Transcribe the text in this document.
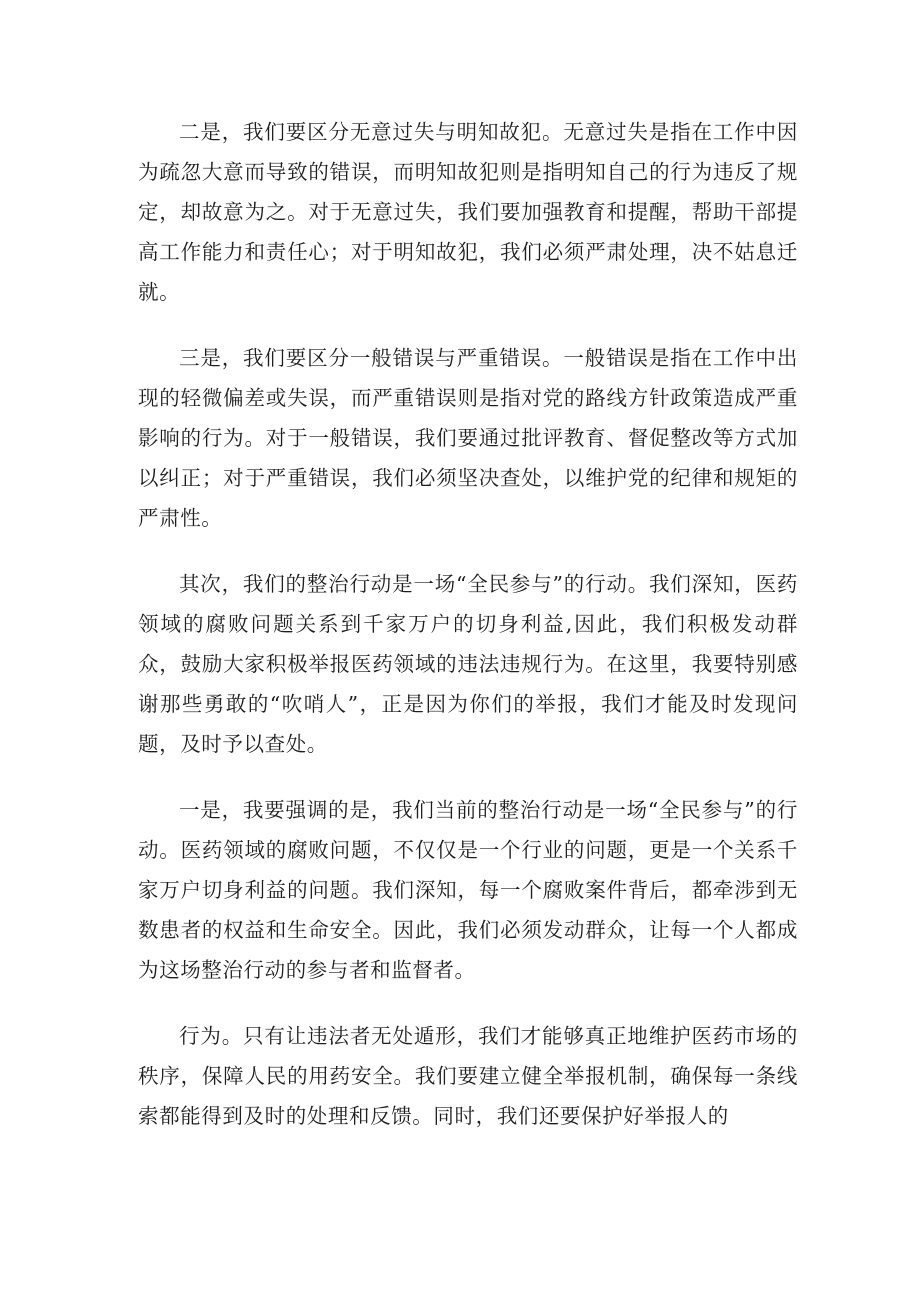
二是，我们要区分无意过失与明知故犯。无意过失是指在工作中因为疏忽大意而导致的错误，而明知故犯则是指明知自己的行为违反了规定，却故意为之。对于无意过失，我们要加强教育和提醒，帮助干部提高工作能力和责任心；对于明知故犯，我们必须严肃处理，决不姑息迁就。

三是，我们要区分一般错误与严重错误。一般错误是指在工作中出现的轻微偏差或失误，而严重错误则是指对党的路线方针政策造成严重影响的行为。对于一般错误，我们要通过批评教育、督促整改等方式加以纠正；对于严重错误，我们必须坚决查处，以维护党的纪律和规矩的严肃性。

其次，我们的整治行动是一场“全民参与”的行动。我们深知，医药领域的腐败问题关系到千家万户的切身利益,因此，我们积极发动群众，鼓励大家积极举报医药领域的违法违规行为。在这里，我要特别感谢那些勇敢的“吹哨人”，正是因为你们的举报，我们才能及时发现问题，及时予以查处。

一是，我要强调的是，我们当前的整治行动是一场“全民参与”的行动。医药领域的腐败问题，不仅仅是一个行业的问题，更是一个关系千家万户切身利益的问题。我们深知，每一个腐败案件背后，都牵涉到无数患者的权益和生命安全。因此，我们必须发动群众，让每一个人都成为这场整治行动的参与者和监督者。

行为。只有让违法者无处遁形，我们才能够真正地维护医药市场的秩序，保障人民的用药安全。我们要建立健全举报机制，确保每一条线索都能得到及时的处理和反馈。同时，我们还要保护好举报人的
